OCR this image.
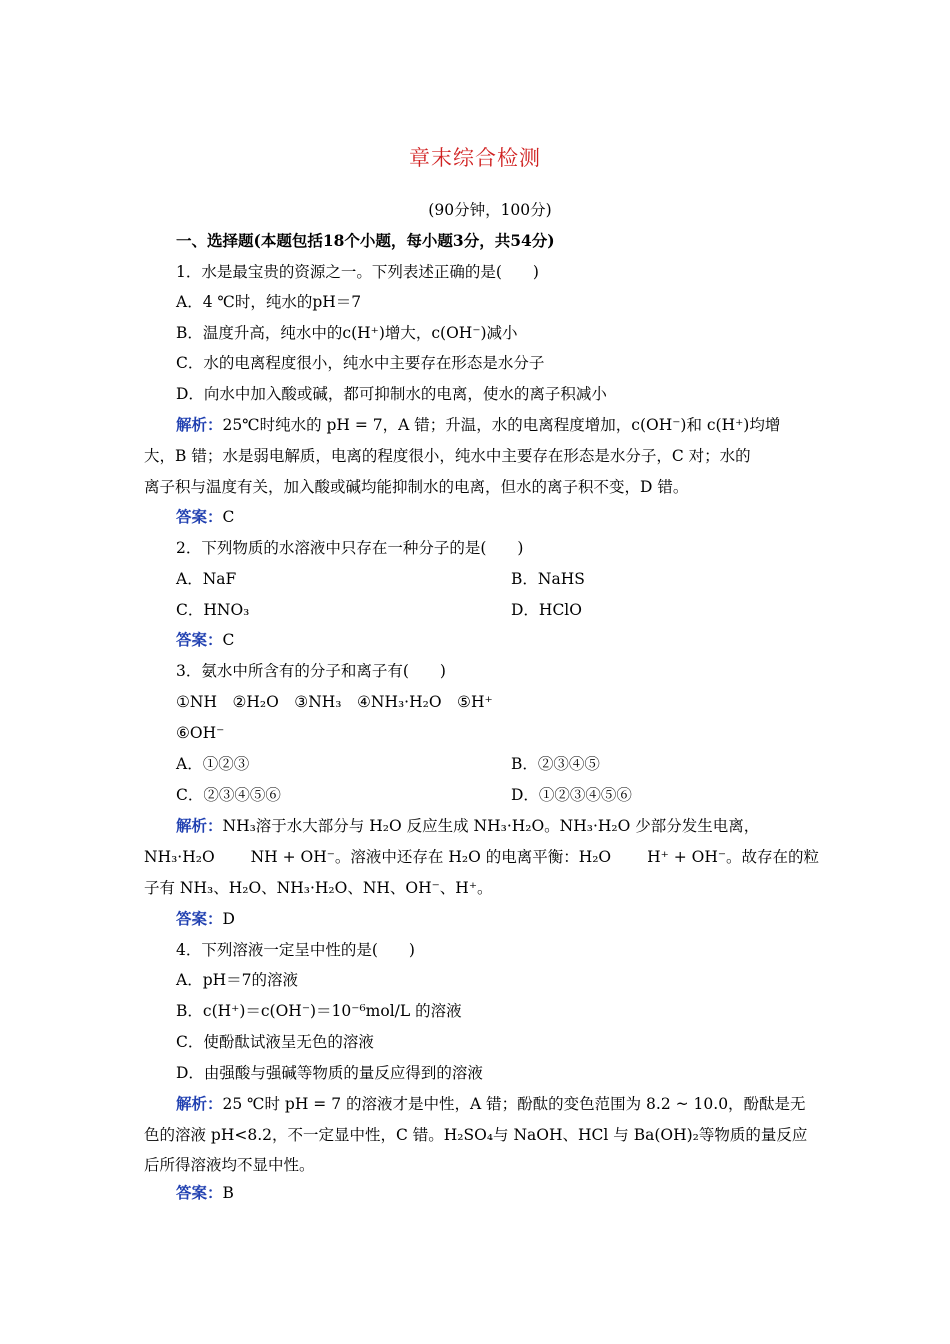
章末综合检测
(90分钟，100分)
一、选择题(本题包括18个小题，每小题3分，共54分)
1．水是最宝贵的资源之一。下列表述正确的是(　　)
A．4 ℃时，纯水的pH＝7
B．温度升高，纯水中的c(H⁺)增大，c(OH⁻)减小
C．水的电离程度很小，纯水中主要存在形态是水分子
D．向水中加入酸或碱，都可抑制水的电离，使水的离子积减小
解析：25℃时纯水的 pH = 7，A 错；升温，水的电离程度增加，c(OH⁻)和 c(H⁺)均增
大，B 错；水是弱电解质，电离的程度很小，纯水中主要存在形态是水分子，C 对；水的
离子积与温度有关，加入酸或碱均能抑制水的电离，但水的离子积不变，D 错。
答案：C
2．下列物质的水溶液中只存在一种分子的是(　　)
A．NaF	B．NaHS
C．HNO₃	D．HClO
答案：C
3．氨水中所含有的分子和离子有(　　)
①NH　②H₂O　③NH₃　④NH₃·H₂O　⑤H⁺
⑥OH⁻
A．①②③	B．②③④⑤
C．②③④⑤⑥	D．①②③④⑤⑥
解析：NH₃溶于水大部分与 H₂O 反应生成 NH₃·H₂O。NH₃·H₂O 少部分发生电离，
NH₃·H₂O　　 NH + OH⁻。溶液中还存在 H₂O 的电离平衡：H₂O　　 H⁺ + OH⁻。故存在的粒
子有 NH₃、H₂O、NH₃·H₂O、NH、OH⁻、H⁺。
答案：D
4．下列溶液一定呈中性的是(　　)
A．pH＝7的溶液
B．c(H⁺)＝c(OH⁻)＝10⁻⁶mol/L 的溶液
C．使酚酞试液呈无色的溶液
D．由强酸与强碱等物质的量反应得到的溶液
解析：25 ℃时 pH = 7 的溶液才是中性，A 错；酚酞的变色范围为 8.2 ~ 10.0，酚酞是无
色的溶液 pH<8.2，不一定显中性，C 错。H₂SO₄与 NaOH、HCl 与 Ba(OH)₂等物质的量反应
后所得溶液均不显中性。
答案：B
